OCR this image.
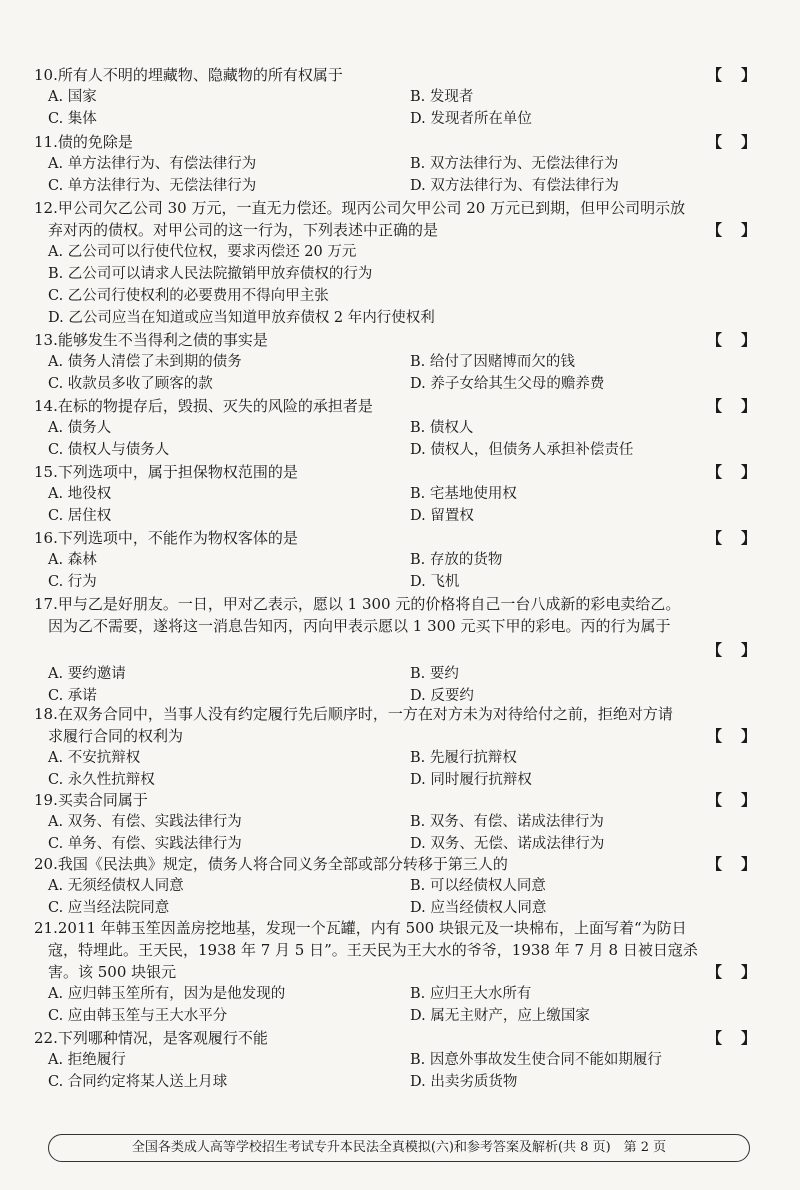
10.所有人不明的埋藏物、隐藏物的所有权属于	【　】
A. 国家	B. 发现者
C. 集体	D. 发现者所在单位
11.债的免除是	【　】
A. 单方法律行为、有偿法律行为	B. 双方法律行为、无偿法律行为
C. 单方法律行为、无偿法律行为	D. 双方法律行为、有偿法律行为
12.甲公司欠乙公司 30 万元，一直无力偿还。现丙公司欠甲公司 20 万元已到期，但甲公司明示放
弃对丙的债权。对甲公司的这一行为，下列表述中正确的是	【　】
A. 乙公司可以行使代位权，要求丙偿还 20 万元
B. 乙公司可以请求人民法院撤销甲放弃债权的行为
C. 乙公司行使权利的必要费用不得向甲主张
D. 乙公司应当在知道或应当知道甲放弃债权 2 年内行使权利
13.能够发生不当得利之债的事实是	【　】
A. 债务人清偿了未到期的债务	B. 给付了因赌博而欠的钱
C. 收款员多收了顾客的款	D. 养子女给其生父母的赡养费
14.在标的物提存后，毁损、灭失的风险的承担者是	【　】
A. 债务人	B. 债权人
C. 债权人与债务人	D. 债权人，但债务人承担补偿责任
15.下列选项中，属于担保物权范围的是	【　】
A. 地役权	B. 宅基地使用权
C. 居住权	D. 留置权
16.下列选项中，不能作为物权客体的是	【　】
A. 森林	B. 存放的货物
C. 行为	D. 飞机
17.甲与乙是好朋友。一日，甲对乙表示，愿以 1 300 元的价格将自己一台八成新的彩电卖给乙。
因为乙不需要，遂将这一消息告知丙，丙向甲表示愿以 1 300 元买下甲的彩电。丙的行为属于
【　】
A. 要约邀请	B. 要约
C. 承诺	D. 反要约
18.在双务合同中，当事人没有约定履行先后顺序时，一方在对方未为对待给付之前，拒绝对方请
求履行合同的权利为	【　】
A. 不安抗辩权	B. 先履行抗辩权
C. 永久性抗辩权	D. 同时履行抗辩权
19.买卖合同属于	【　】
A. 双务、有偿、实践法律行为	B. 双务、有偿、诺成法律行为
C. 单务、有偿、实践法律行为	D. 双务、无偿、诺成法律行为
20.我国《民法典》规定，债务人将合同义务全部或部分转移于第三人的	【　】
A. 无须经债权人同意	B. 可以经债权人同意
C. 应当经法院同意	D. 应当经债权人同意
21.2011 年韩玉笙因盖房挖地基，发现一个瓦罐，内有 500 块银元及一块棉布，上面写着“为防日
寇，特埋此。王天民，1938 年 7 月 5 日”。王天民为王大水的爷爷，1938 年 7 月 8 日被日寇杀
害。该 500 块银元	【　】
A. 应归韩玉笙所有，因为是他发现的	B. 应归王大水所有
C. 应由韩玉笙与王大水平分	D. 属无主财产，应上缴国家
22.下列哪种情况，是客观履行不能	【　】
A. 拒绝履行	B. 因意外事故发生使合同不能如期履行
C. 合同约定将某人送上月球	D. 出卖劣质货物
全国各类成人高等学校招生考试专升本民法全真模拟(六)和参考答案及解析(共 8 页)　第 2 页
